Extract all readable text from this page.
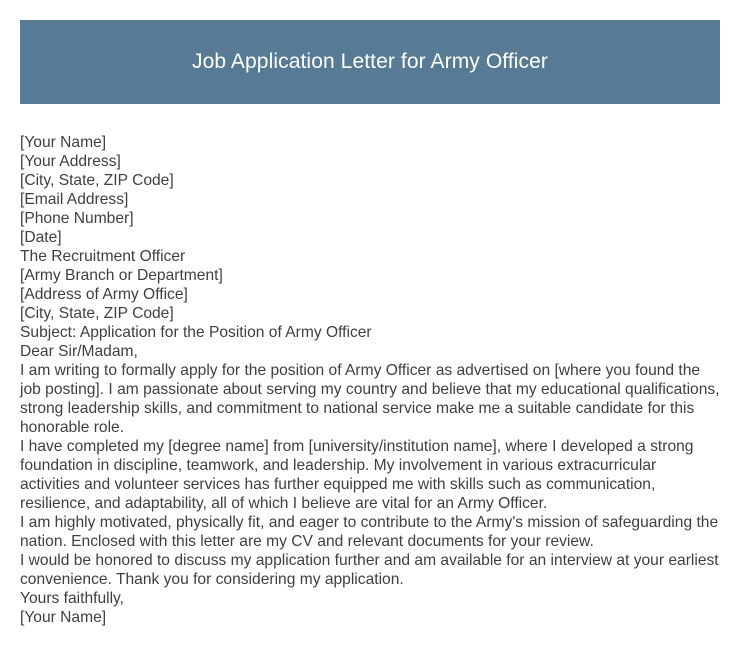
Job Application Letter for Army Officer
[Your Name]
[Your Address]
[City, State, ZIP Code]
[Email Address]
[Phone Number]
[Date]
The Recruitment Officer
[Army Branch or Department]
[Address of Army Office]
[City, State, ZIP Code]
Subject: Application for the Position of Army Officer
Dear Sir/Madam,
I am writing to formally apply for the position of Army Officer as advertised on [where you found the job posting]. I am passionate about serving my country and believe that my educational qualifications, strong leadership skills, and commitment to national service make me a suitable candidate for this honorable role.
I have completed my [degree name] from [university/institution name], where I developed a strong foundation in discipline, teamwork, and leadership. My involvement in various extracurricular activities and volunteer services has further equipped me with skills such as communication, resilience, and adaptability, all of which I believe are vital for an Army Officer.
I am highly motivated, physically fit, and eager to contribute to the Army's mission of safeguarding the nation. Enclosed with this letter are my CV and relevant documents for your review.
I would be honored to discuss my application further and am available for an interview at your earliest convenience. Thank you for considering my application.
Yours faithfully,
[Your Name]
